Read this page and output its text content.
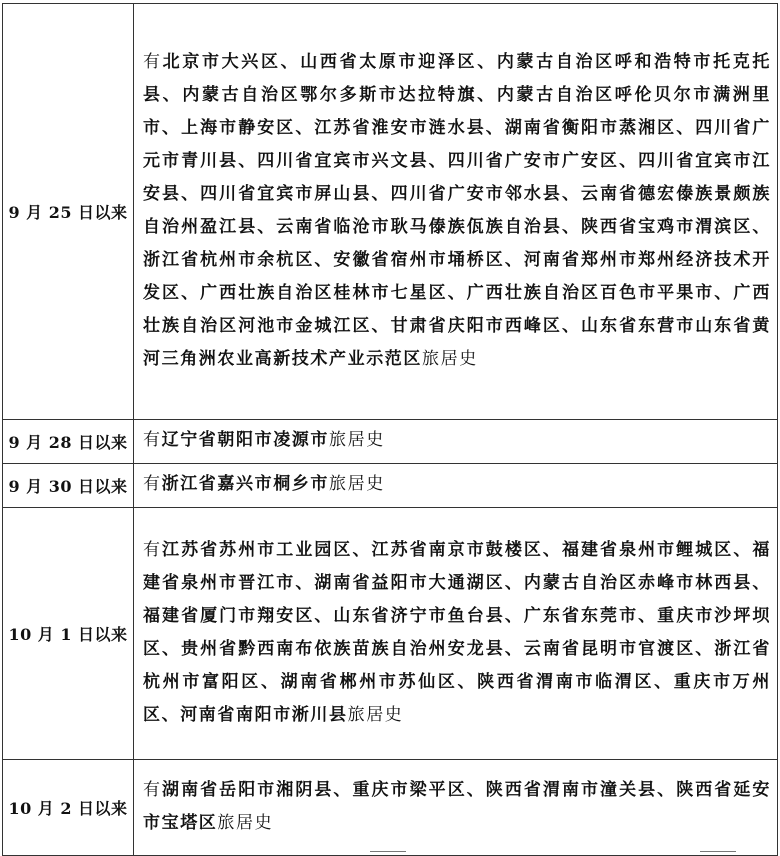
9 月 25 日以来	有北京市大兴区、山西省太原市迎泽区、内蒙古自治区呼和浩特市托克托县、内蒙古自治区鄂尔多斯市达拉特旗、内蒙古自治区呼伦贝尔市满洲里市、上海市静安区、江苏省淮安市涟水县、湖南省衡阳市蒸湘区、四川省广元市青川县、四川省宜宾市兴文县、四川省广安市广安区、四川省宜宾市江安县、四川省宜宾市屏山县、四川省广安市邻水县、云南省德宏傣族景颇族自治州盈江县、云南省临沧市耿马傣族佤族自治县、陕西省宝鸡市渭滨区、浙江省杭州市余杭区、安徽省宿州市埇桥区、河南省郑州市郑州经济技术开发区、广西壮族自治区桂林市七星区、广西壮族自治区百色市平果市、广西壮族自治区河池市金城江区、甘肃省庆阳市西峰区、山东省东营市山东省黄河三角洲农业高新技术产业示范区旅居史
9 月 28 日以来	有辽宁省朝阳市凌源市旅居史
9 月 30 日以来	有浙江省嘉兴市桐乡市旅居史
10 月 1 日以来	有江苏省苏州市工业园区、江苏省南京市鼓楼区、福建省泉州市鲤城区、福建省泉州市晋江市、湖南省益阳市大通湖区、内蒙古自治区赤峰市林西县、福建省厦门市翔安区、山东省济宁市鱼台县、广东省东莞市、重庆市沙坪坝区、贵州省黔西南布依族苗族自治州安龙县、云南省昆明市官渡区、浙江省杭州市富阳区、湖南省郴州市苏仙区、陕西省渭南市临渭区、重庆市万州区、河南省南阳市淅川县旅居史
10 月 2 日以来	有湖南省岳阳市湘阴县、重庆市梁平区、陕西省渭南市潼关县、陕西省延安市宝塔区旅居史
